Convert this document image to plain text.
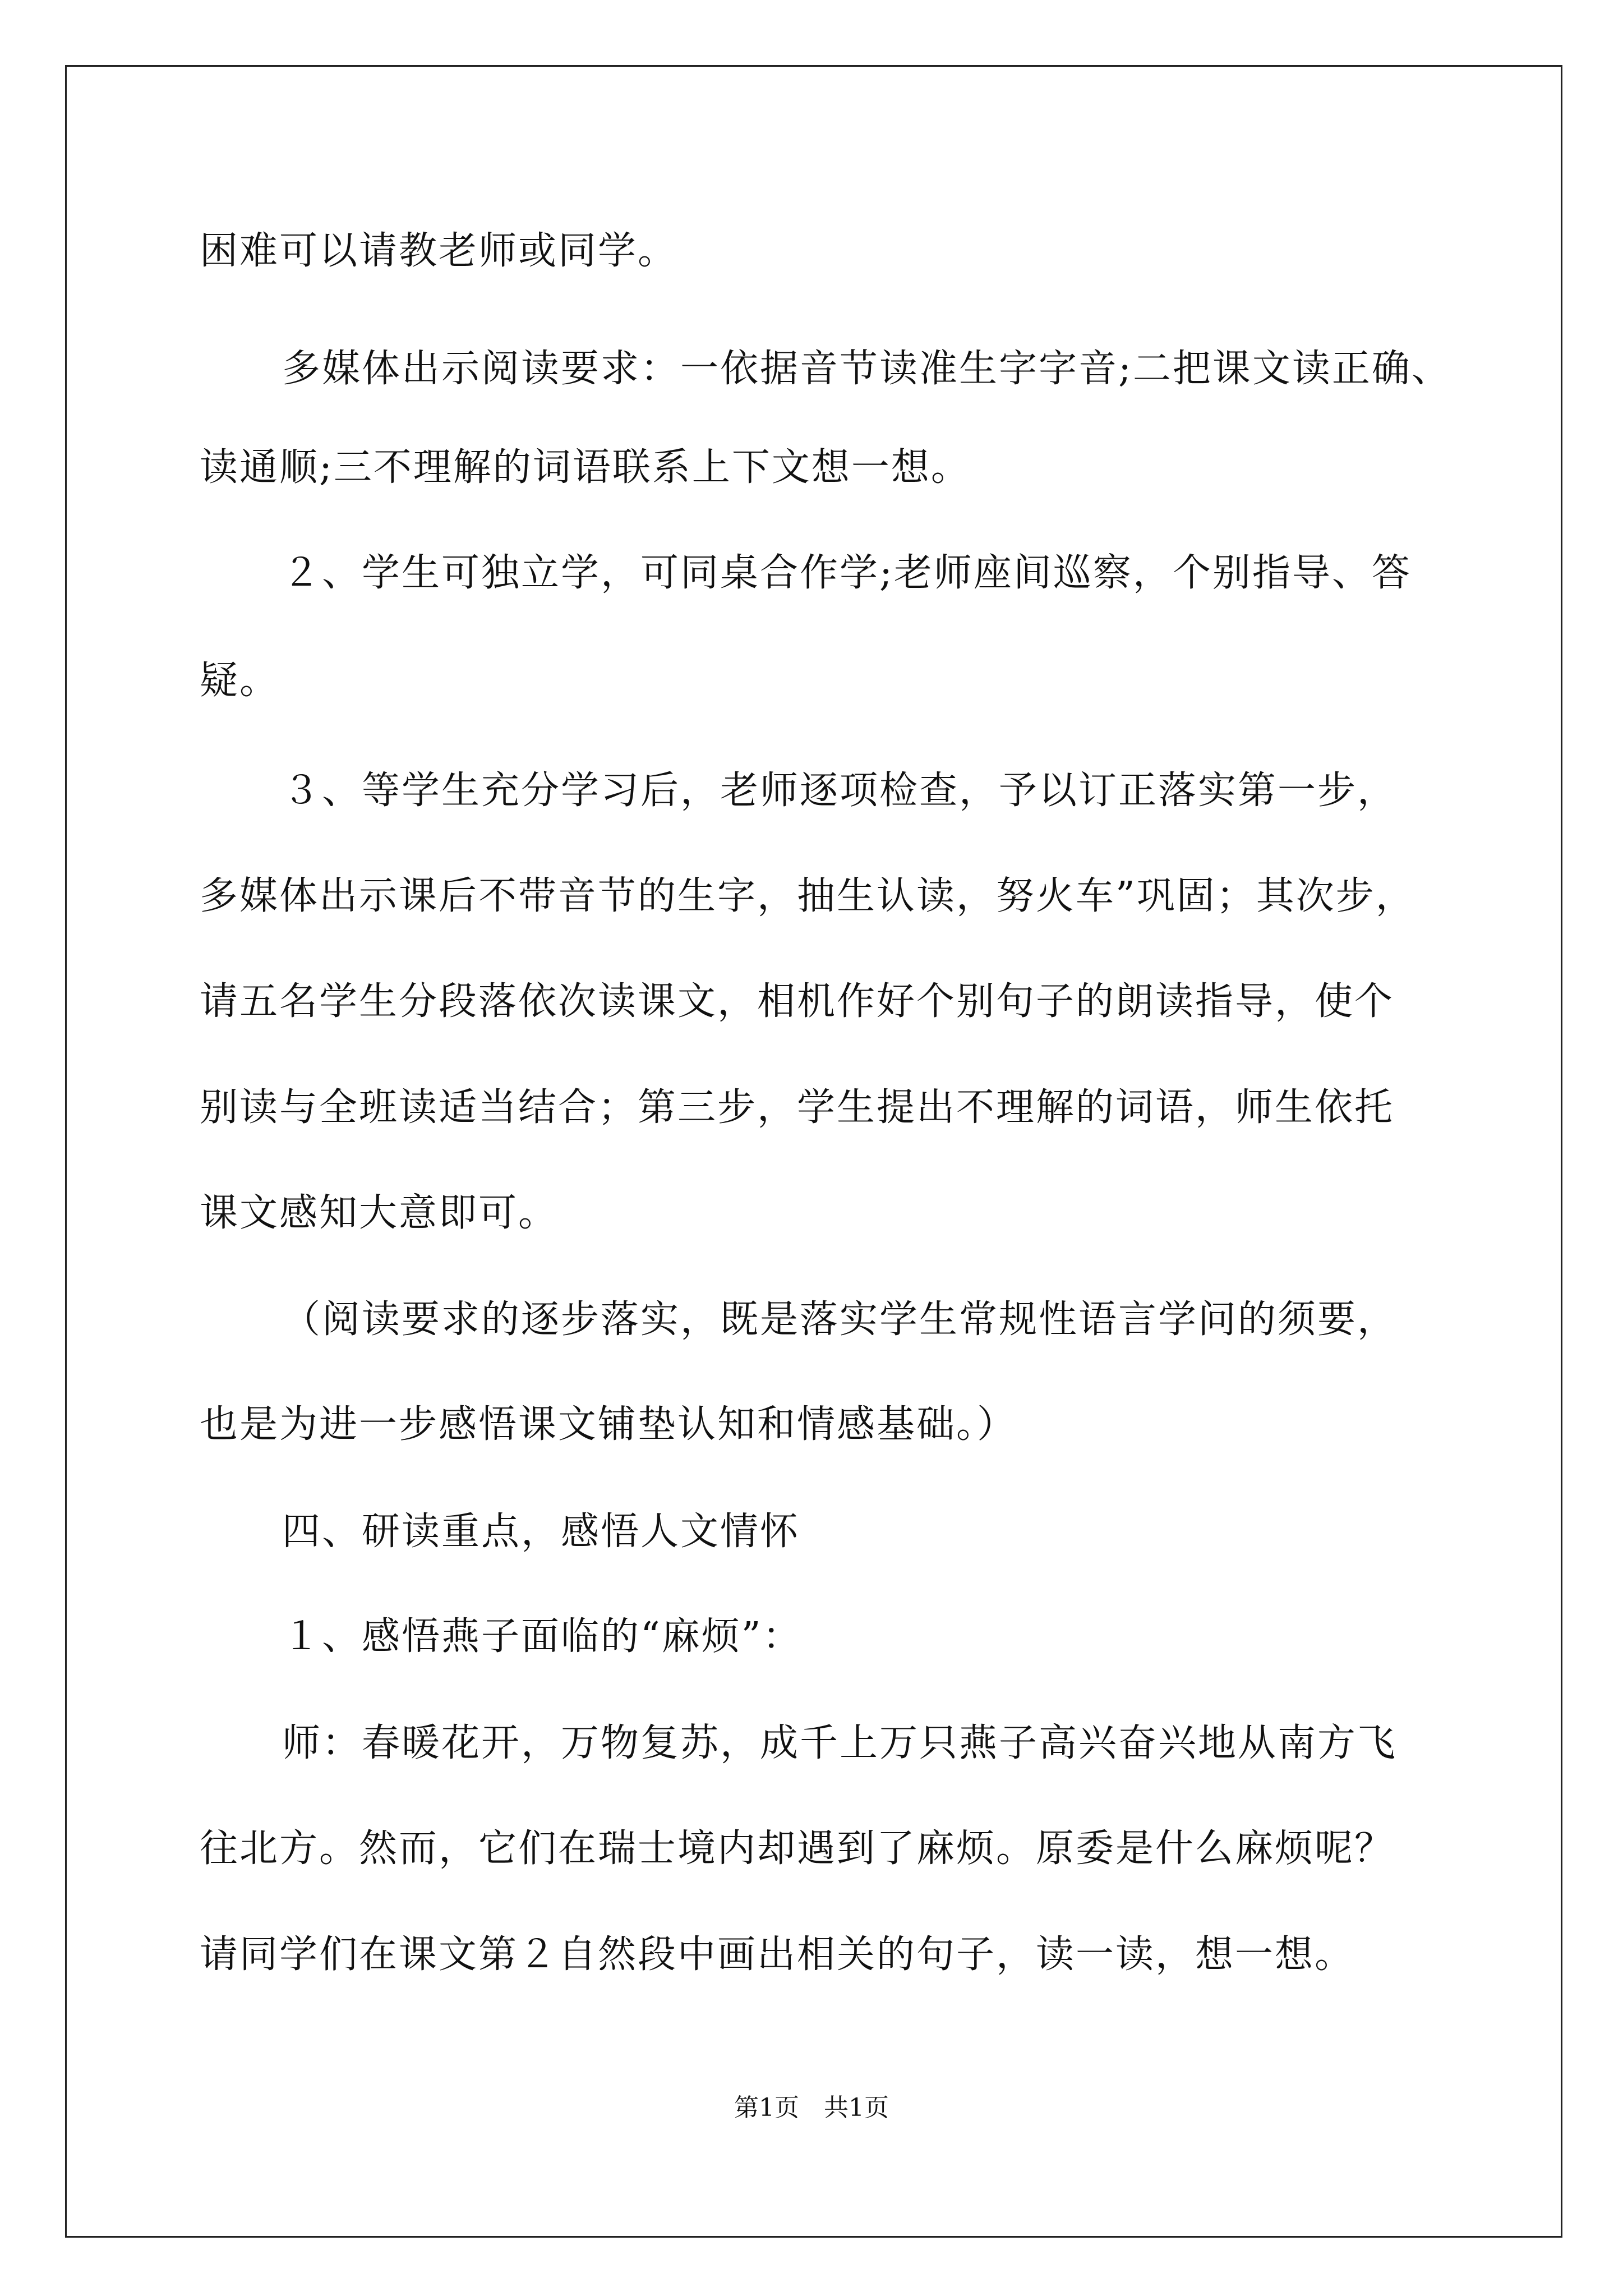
困难可以请教老师或同学。
多媒体出示阅读要求：一依据音节读准生字字音;二把课文读正确、
读通顺;三不理解的词语联系上下文想一想。
２、学生可独立学，可同桌合作学;老师座间巡察，个别指导、答
疑。
３、等学生充分学习后，老师逐项检查，予以订正落实第一步，
多媒体出示课后不带音节的生字，抽生认读，努火车”巩固；其次步，
请五名学生分段落依次读课文，相机作好个别句子的朗读指导，使个
别读与全班读适当结合；第三步，学生提出不理解的词语，师生依托
课文感知大意即可。
（阅读要求的逐步落实，既是落实学生常规性语言学问的须要，
也是为进一步感悟课文铺垫认知和情感基础。）
四、研读重点，感悟人文情怀
１、感悟燕子面临的“麻烦”：
师：春暖花开，万物复苏，成千上万只燕子高兴奋兴地从南方飞
往北方。然而，它们在瑞士境内却遇到了麻烦。原委是什么麻烦呢？
请同学们在课文第２自然段中画出相关的句子，读一读，想一想。
第1页　共1页
